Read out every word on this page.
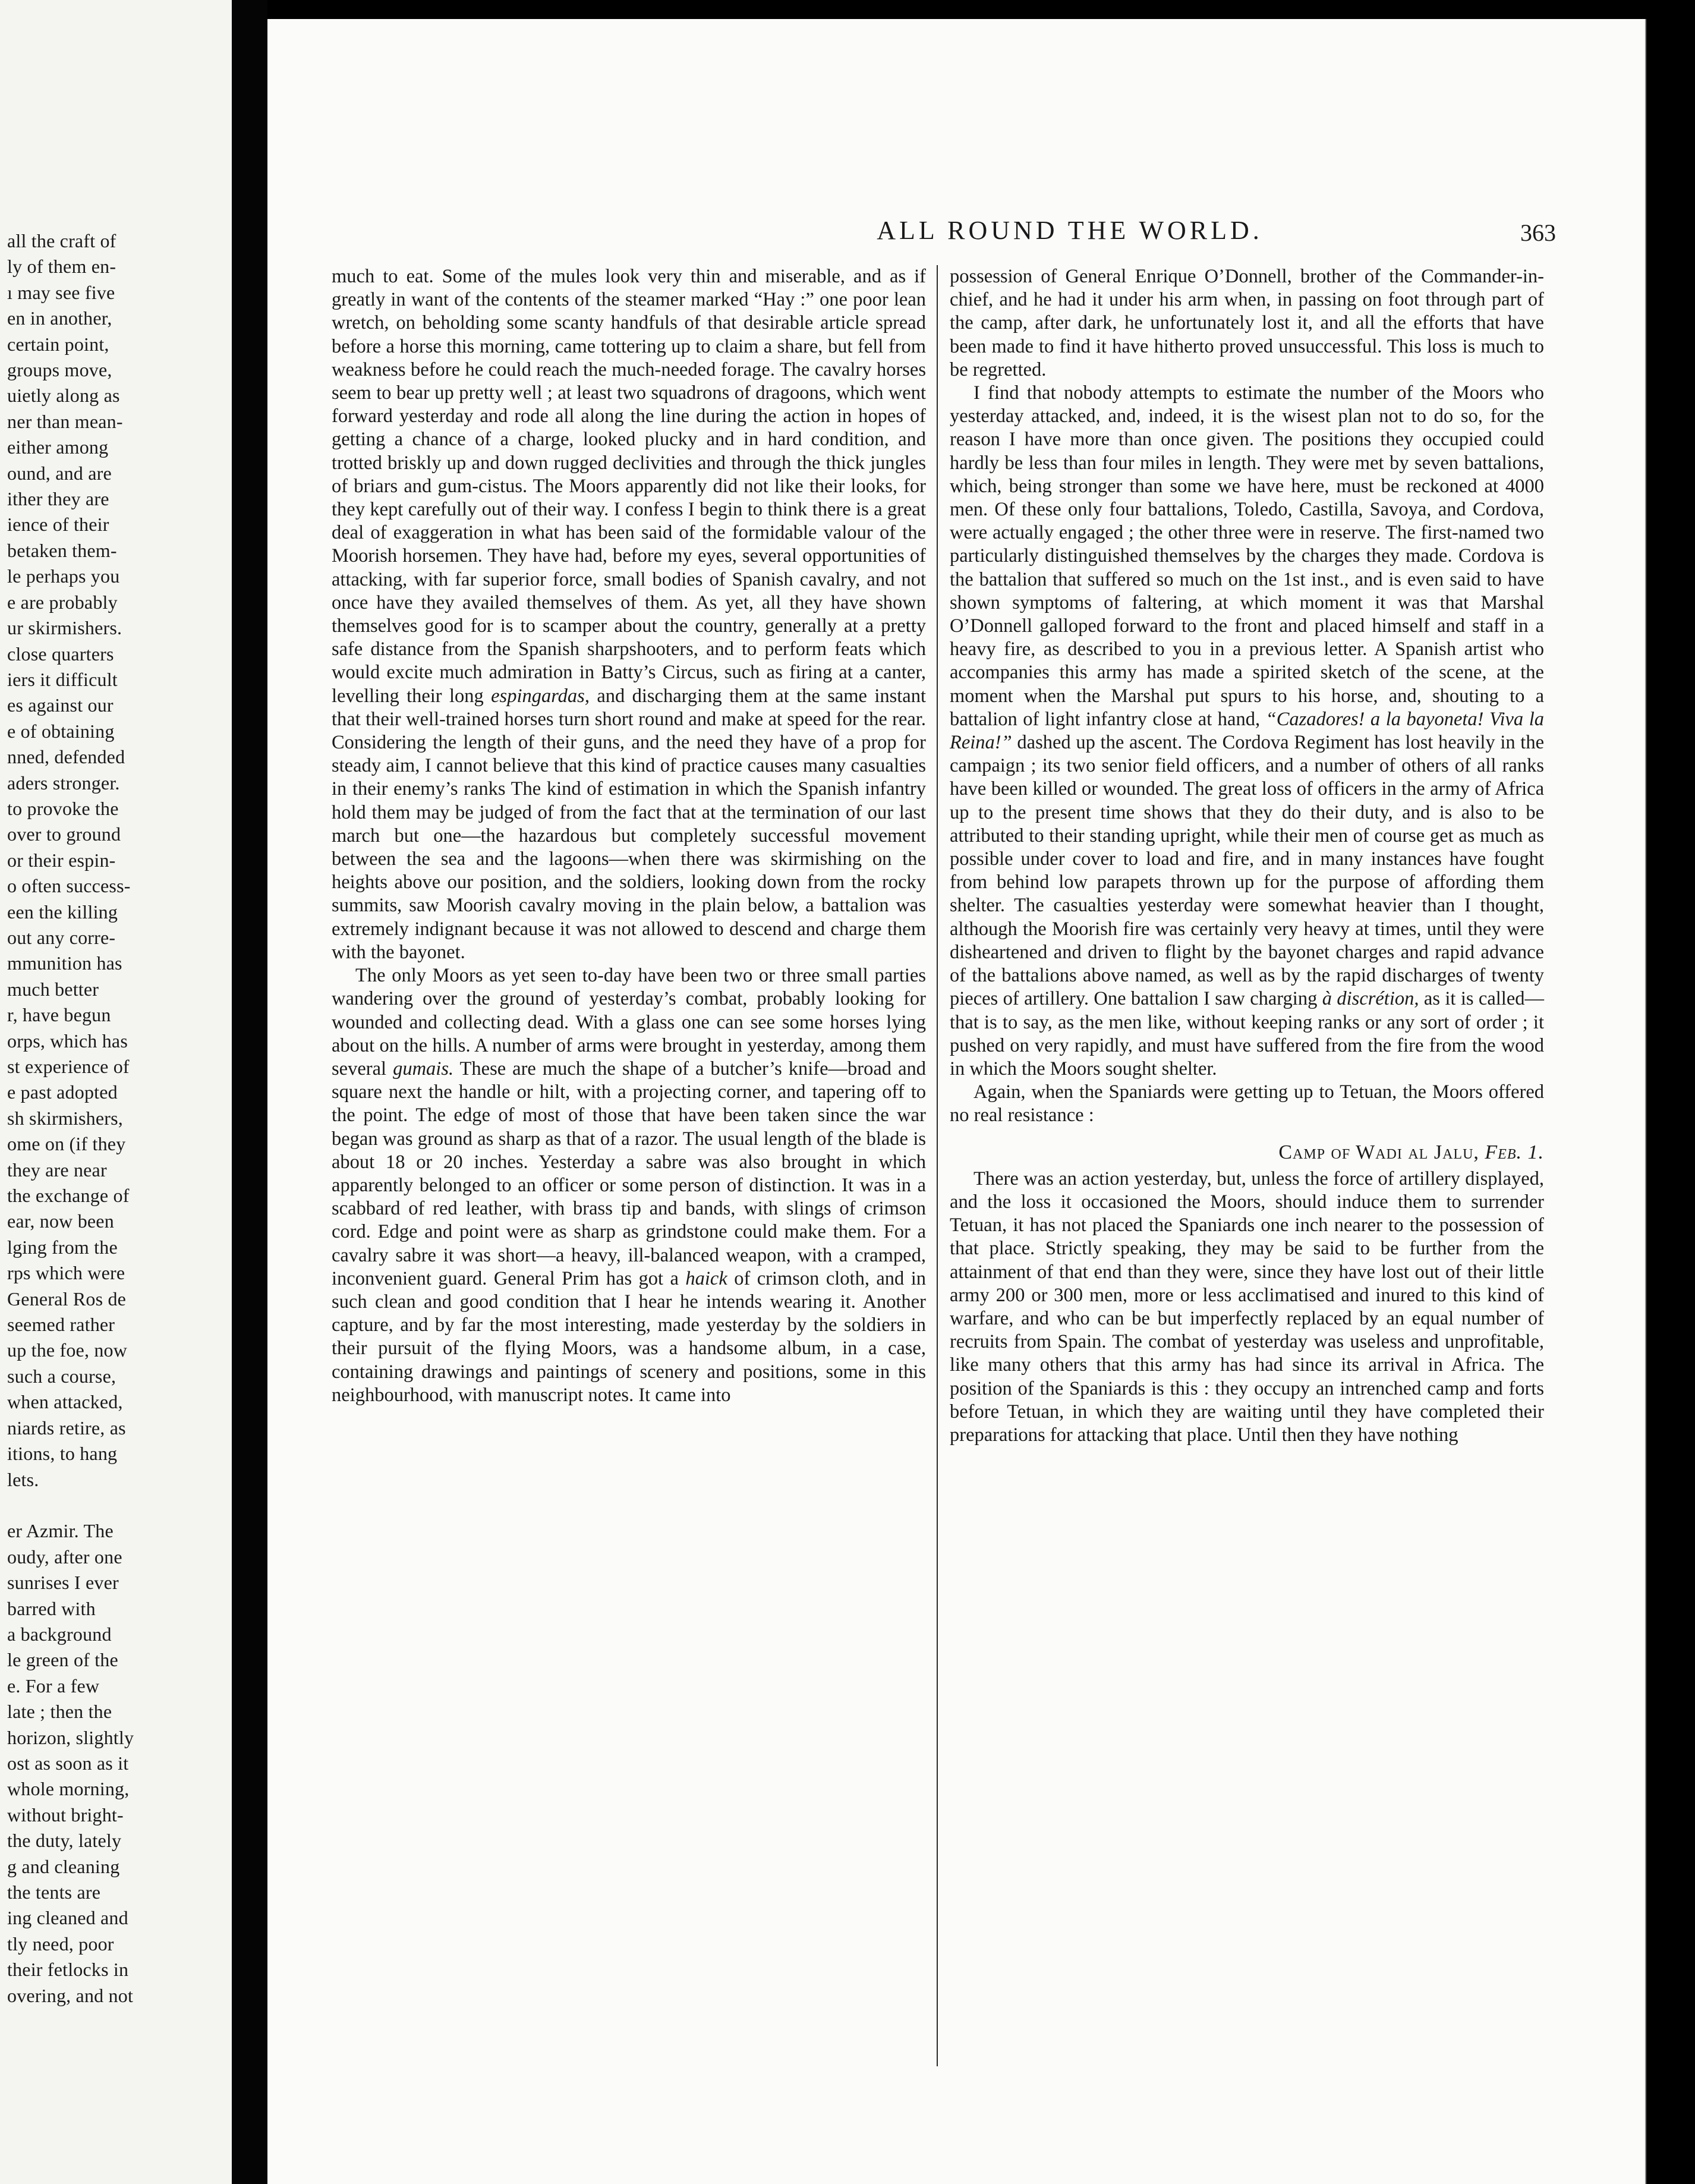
all the craft of
ly of them en-
ı may see five
en in another,
certain point,
groups move,
uietly along as
ner than mean-
either among
ound, and are
ither they are
ience of their
betaken them-
le perhaps you
e are probably
ur skirmishers.
close quarters
iers it difficult
es against our
e of obtaining
nned, defended
aders stronger.
to provoke the
over to ground
or their espin-
o often success-
een the killing
out any corre-
mmunition has
much better
r, have begun
orps, which has
st experience of
e past adopted
sh skirmishers,
ome on (if they
they are near
the exchange of
ear, now been
lging from the
rps which were
General Ros de
seemed rather
up the foe, now
such a course,
when attacked,
niards retire, as
itions, to hang
lets.

er Azmir. The
oudy, after one
sunrises I ever
barred with
a background
le green of the
e. For a few
late ; then the
horizon, slightly
ost as soon as it
whole morning,
without bright-
the duty, lately
g and cleaning
the tents are
ing cleaned and
tly need, poor
their fetlocks in
overing, and not
ALL ROUND THE WORLD.	363

much to eat. Some of the mules look very thin and miserable, and as if greatly in want of the contents of the steamer marked “Hay :” one poor lean wretch, on beholding some scanty handfuls of that desirable article spread before a horse this morning, came tottering up to claim a share, but fell from weakness before he could reach the much-needed forage. The cavalry horses seem to bear up pretty well ; at least two squadrons of dragoons, which went forward yesterday and rode all along the line during the action in hopes of getting a chance of a charge, looked plucky and in hard condition, and trotted briskly up and down rugged declivities and through the thick jungles of briars and gum-cistus. The Moors apparently did not like their looks, for they kept carefully out of their way. I confess I begin to think there is a great deal of exaggeration in what has been said of the formidable valour of the Moorish horsemen. They have had, before my eyes, several opportunities of attacking, with far superior force, small bodies of Spanish cavalry, and not once have they availed themselves of them. As yet, all they have shown themselves good for is to scamper about the country, generally at a pretty safe distance from the Spanish sharpshooters, and to perform feats which would excite much admiration in Batty’s Circus, such as firing at a canter, levelling their long espingardas, and discharging them at the same instant that their well-trained horses turn short round and make at speed for the rear. Considering the length of their guns, and the need they have of a prop for steady aim, I cannot believe that this kind of practice causes many casualties in their enemy’s ranks The kind of estimation in which the Spanish infantry hold them may be judged of from the fact that at the termination of our last march but one—the hazardous but completely successful movement between the sea and the lagoons—when there was skirmishing on the heights above our position, and the soldiers, looking down from the rocky summits, saw Moorish cavalry moving in the plain below, a battalion was extremely indignant because it was not allowed to descend and charge them with the bayonet.

The only Moors as yet seen to-day have been two or three small parties wandering over the ground of yesterday’s combat, probably looking for wounded and collecting dead. With a glass one can see some horses lying about on the hills. A number of arms were brought in yesterday, among them several gumais. These are much the shape of a butcher’s knife—broad and square next the handle or hilt, with a projecting corner, and tapering off to the point. The edge of most of those that have been taken since the war began was ground as sharp as that of a razor. The usual length of the blade is about 18 or 20 inches. Yesterday a sabre was also brought in which apparently belonged to an officer or some person of distinction. It was in a scabbard of red leather, with brass tip and bands, with slings of crimson cord. Edge and point were as sharp as grindstone could make them. For a cavalry sabre it was short—a heavy, ill-balanced weapon, with a cramped, inconvenient guard. General Prim has got a haick of crimson cloth, and in such clean and good condition that I hear he intends wearing it. Another capture, and by far the most interesting, made yesterday by the soldiers in their pursuit of the flying Moors, was a handsome album, in a case, containing drawings and paintings of scenery and positions, some in this neighbourhood, with manuscript notes. It came into

possession of General Enrique O’Donnell, brother of the Commander-in-chief, and he had it under his arm when, in passing on foot through part of the camp, after dark, he unfortunately lost it, and all the efforts that have been made to find it have hitherto proved unsuccessful. This loss is much to be regretted.

I find that nobody attempts to estimate the number of the Moors who yesterday attacked, and, indeed, it is the wisest plan not to do so, for the reason I have more than once given. The positions they occupied could hardly be less than four miles in length. They were met by seven battalions, which, being stronger than some we have here, must be reckoned at 4000 men. Of these only four battalions, Toledo, Castilla, Savoya, and Cordova, were actually engaged ; the other three were in reserve. The first-named two particularly distinguished themselves by the charges they made. Cordova is the battalion that suffered so much on the 1st inst., and is even said to have shown symptoms of faltering, at which moment it was that Marshal O’Donnell galloped forward to the front and placed himself and staff in a heavy fire, as described to you in a previous letter. A Spanish artist who accompanies this army has made a spirited sketch of the scene, at the moment when the Marshal put spurs to his horse, and, shouting to a battalion of light infantry close at hand, “Cazadores! a la bayoneta! Viva la Reina!” dashed up the ascent. The Cordova Regiment has lost heavily in the campaign ; its two senior field officers, and a number of others of all ranks have been killed or wounded. The great loss of officers in the army of Africa up to the present time shows that they do their duty, and is also to be attributed to their standing upright, while their men of course get as much as possible under cover to load and fire, and in many instances have fought from behind low parapets thrown up for the purpose of affording them shelter. The casualties yesterday were somewhat heavier than I thought, although the Moorish fire was certainly very heavy at times, until they were disheartened and driven to flight by the bayonet charges and rapid advance of the battalions above named, as well as by the rapid discharges of twenty pieces of artillery. One battalion I saw charging à discrétion, as it is called—that is to say, as the men like, without keeping ranks or any sort of order ; it pushed on very rapidly, and must have suffered from the fire from the wood in which the Moors sought shelter.

Again, when the Spaniards were getting up to Tetuan, the Moors offered no real resistance :

Camp of Wadi al Jalu, Feb. 1.

There was an action yesterday, but, unless the force of artillery displayed, and the loss it occasioned the Moors, should induce them to surrender Tetuan, it has not placed the Spaniards one inch nearer to the possession of that place. Strictly speaking, they may be said to be further from the attainment of that end than they were, since they have lost out of their little army 200 or 300 men, more or less acclimatised and inured to this kind of warfare, and who can be but imperfectly replaced by an equal number of recruits from Spain. The combat of yesterday was useless and unprofitable, like many others that this army has had since its arrival in Africa. The position of the Spaniards is this : they occupy an intrenched camp and forts before Tetuan, in which they are waiting until they have completed their preparations for attacking that place. Until then they have nothing
